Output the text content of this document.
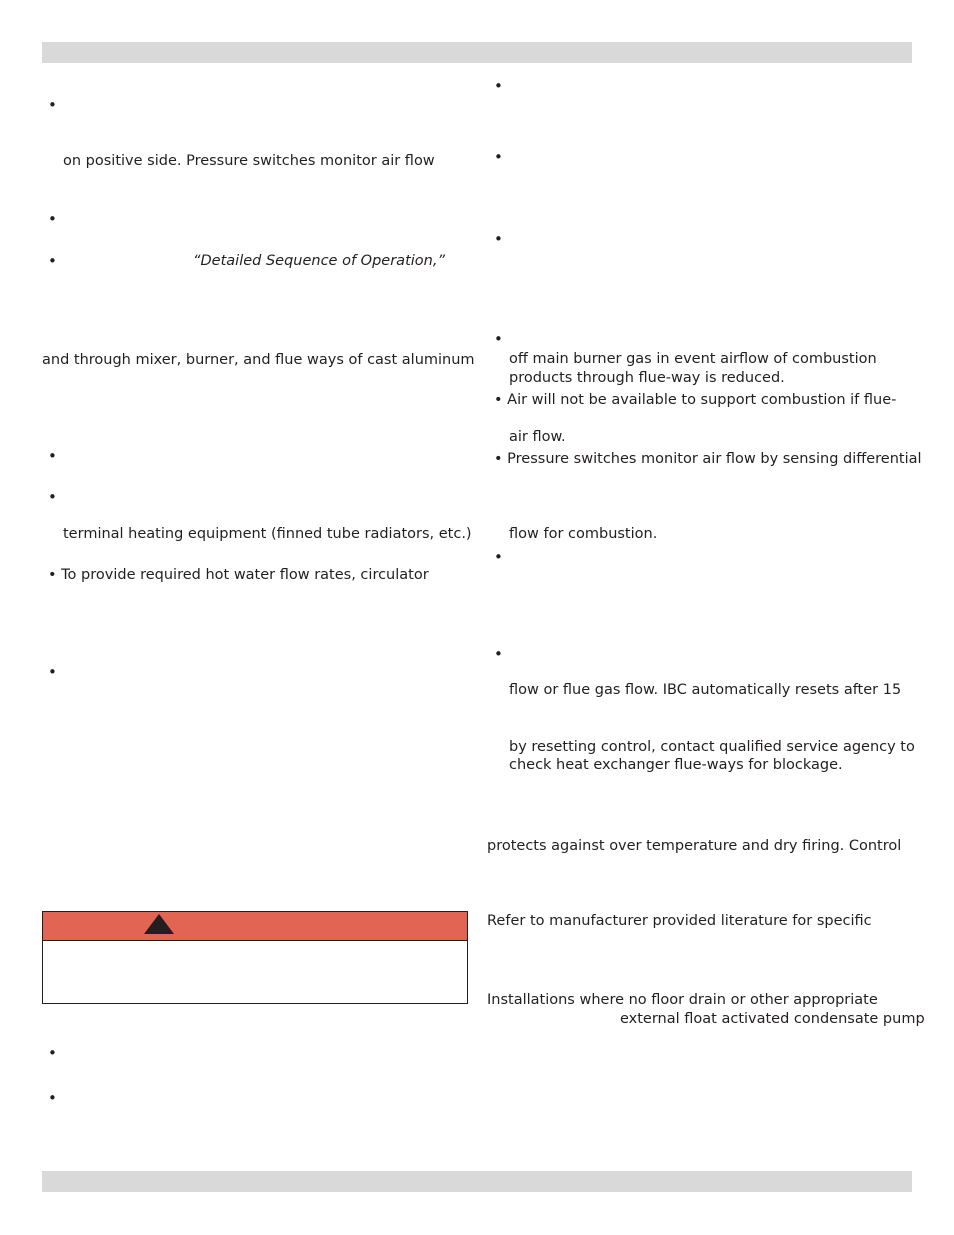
•
on positive side. Pressure switches monitor air flow
•
•	“Detailed Sequence of Operation,”
and through mixer, burner, and flue ways of cast aluminum
•
•
terminal heating equipment (finned tube radiators, etc.)
• To provide required hot water flow rates, circulator
•
•
•
•
•
•
•
off main burner gas in event airflow of combustion
products through flue-way is reduced.
• Air will not be available to support combustion if flue-
air flow.
• Pressure switches monitor air flow by sensing differential
flow for combustion.
•
•
flow or flue gas flow. IBC automatically resets after 15
by resetting control, contact qualified service agency to
check heat exchanger flue-ways for blockage.
protects against over temperature and dry firing. Control
Refer to manufacturer provided literature for specific
Installations where no floor drain or other appropriate
external float activated condensate pump
